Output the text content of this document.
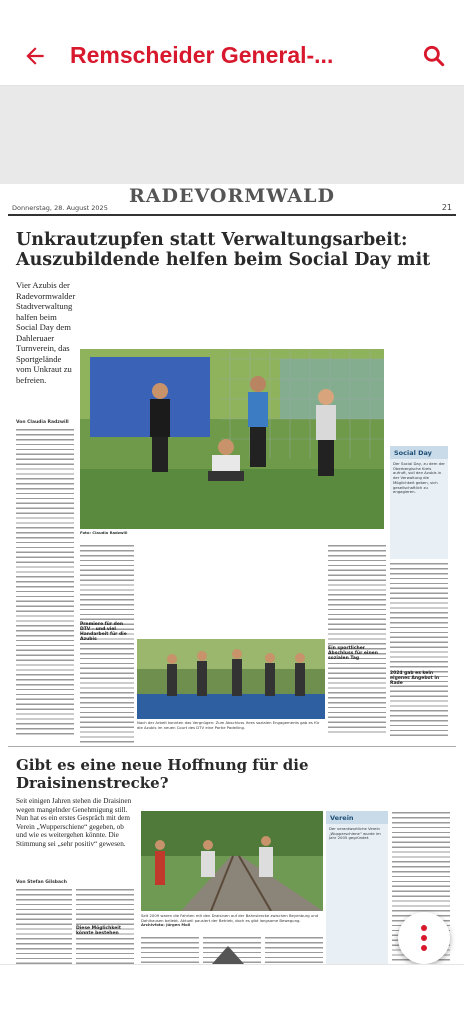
Remscheider General-...
RADEVORMWALD
Donnerstag, 28. August 2025	21
Unkrautzupfen statt Verwaltungsarbeit: Auszubildende helfen beim Social Day mit
Vier Azubis der Radevormwalder Stadtverwaltung halfen beim Social Day dem Dahleruaer Turnverein, das Sportgelände vom Unkraut zu befreien.
Von Claudia Radzwill
Foto: Claudia Radzwill
Premiere für den DTV – und viel Handarbeit für die Azubis
Nach der Arbeit konnten das Vergnügen: Zum Abschluss ihres sozialen Engagements gab es für die Azubis im neuen Court des DTV eine Partie Padelling.
Ein sportlicher Abschluss für einen sozialen Tag
Social Day
Der Social Day, zu dem der Oberbergische Kreis aufruft, soll den Azubis in der Verwaltung die Möglichkeit geben, sich gesellschaftlich zu engagieren.
2024 gab es kein eigenes Angebot in Rade
Gibt es eine neue Hoffnung für die Draisinenstrecke?
Seit einigen Jahren stehen die Draisinen wegen mangelnder Genehmigung still. Nun hat es ein erstes Gespräch mit dem Verein „Wupperschiene“ gegeben, ob und wie es weitergehen könnte. Die Stimmung sei „sehr positiv“ gewesen.
Von Stefan Gilsbach
Diese Möglichkeit könnte bestehen
Seit 2009 waren die Fahrten mit den Draisinen auf der Bahnstrecke zwischen Beyenburg und Dahlhausen beliebt. Aktuell pausiert der Betrieb, doch es gibt langsame Bewegung. Archivfoto: Jürgen Moll
Verein
Der verantwortliche Verein „Wupperschiene“ wurde im Jahr 2005 gegründet.
